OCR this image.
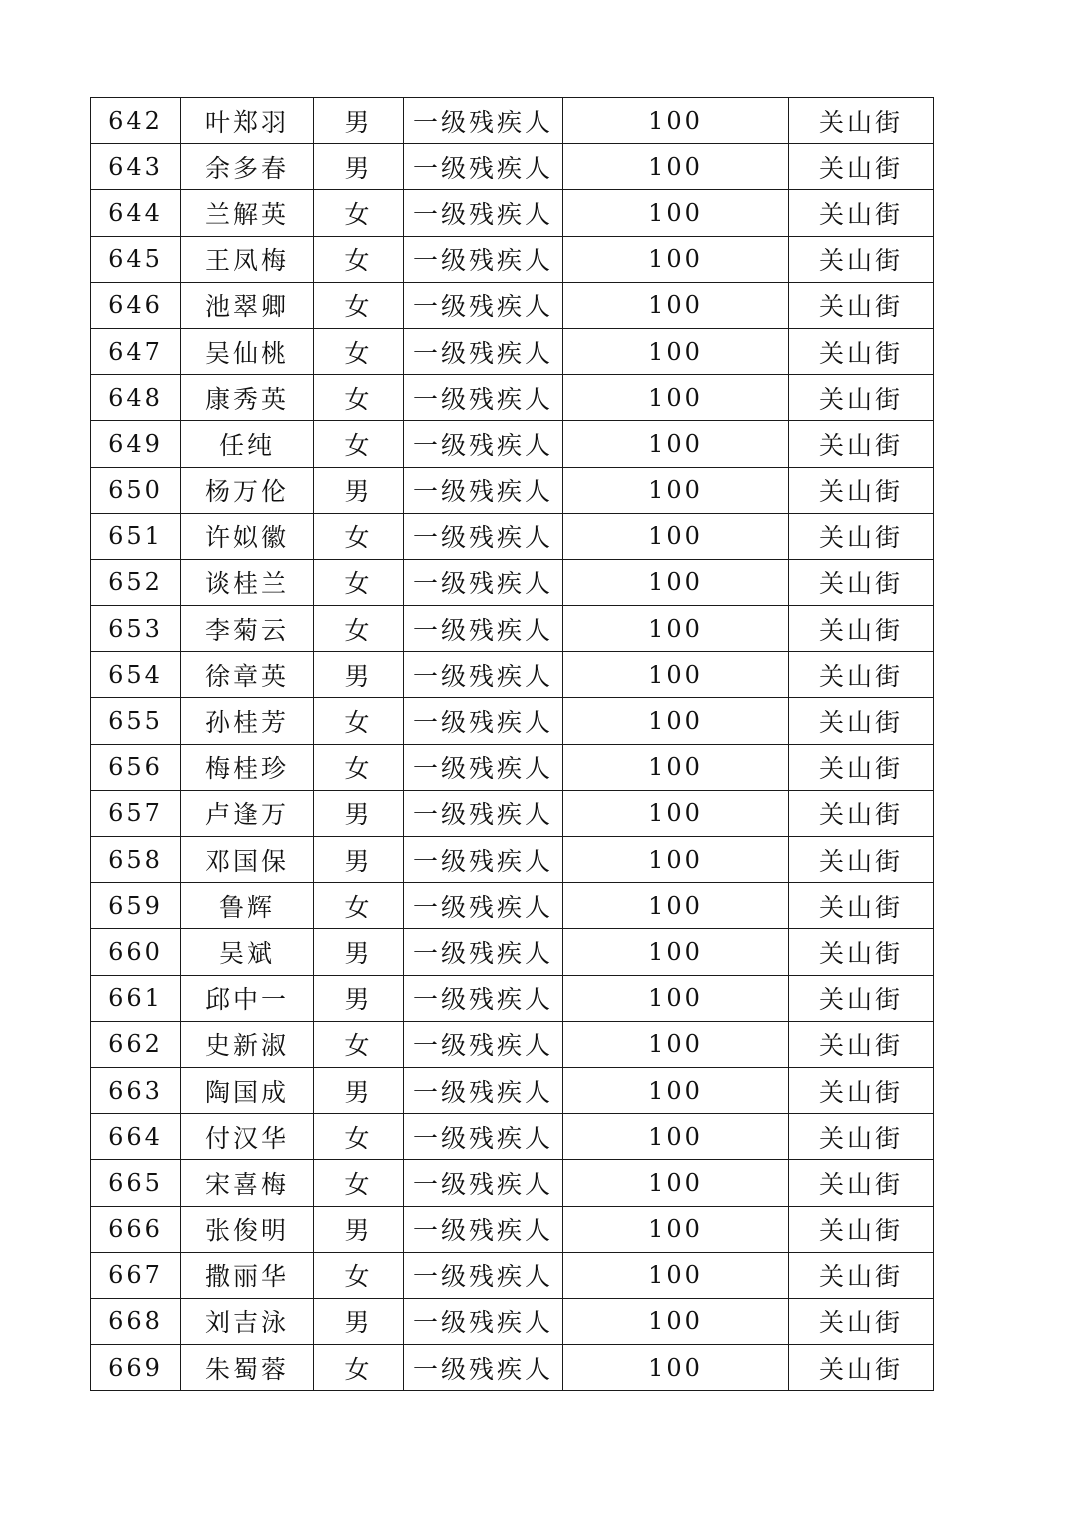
642	叶郑羽	男	一级残疾人	100	关山街
643	余多春	男	一级残疾人	100	关山街
644	兰解英	女	一级残疾人	100	关山街
645	王凤梅	女	一级残疾人	100	关山街
646	池翠卿	女	一级残疾人	100	关山街
647	吴仙桃	女	一级残疾人	100	关山街
648	康秀英	女	一级残疾人	100	关山街
649	任纯	女	一级残疾人	100	关山街
650	杨万伦	男	一级残疾人	100	关山街
651	许姒徽	女	一级残疾人	100	关山街
652	谈桂兰	女	一级残疾人	100	关山街
653	李菊云	女	一级残疾人	100	关山街
654	徐章英	男	一级残疾人	100	关山街
655	孙桂芳	女	一级残疾人	100	关山街
656	梅桂珍	女	一级残疾人	100	关山街
657	卢逢万	男	一级残疾人	100	关山街
658	邓国保	男	一级残疾人	100	关山街
659	鲁辉	女	一级残疾人	100	关山街
660	吴斌	男	一级残疾人	100	关山街
661	邱中一	男	一级残疾人	100	关山街
662	史新淑	女	一级残疾人	100	关山街
663	陶国成	男	一级残疾人	100	关山街
664	付汉华	女	一级残疾人	100	关山街
665	宋喜梅	女	一级残疾人	100	关山街
666	张俊明	男	一级残疾人	100	关山街
667	撒丽华	女	一级残疾人	100	关山街
668	刘吉泳	男	一级残疾人	100	关山街
669	朱蜀蓉	女	一级残疾人	100	关山街
